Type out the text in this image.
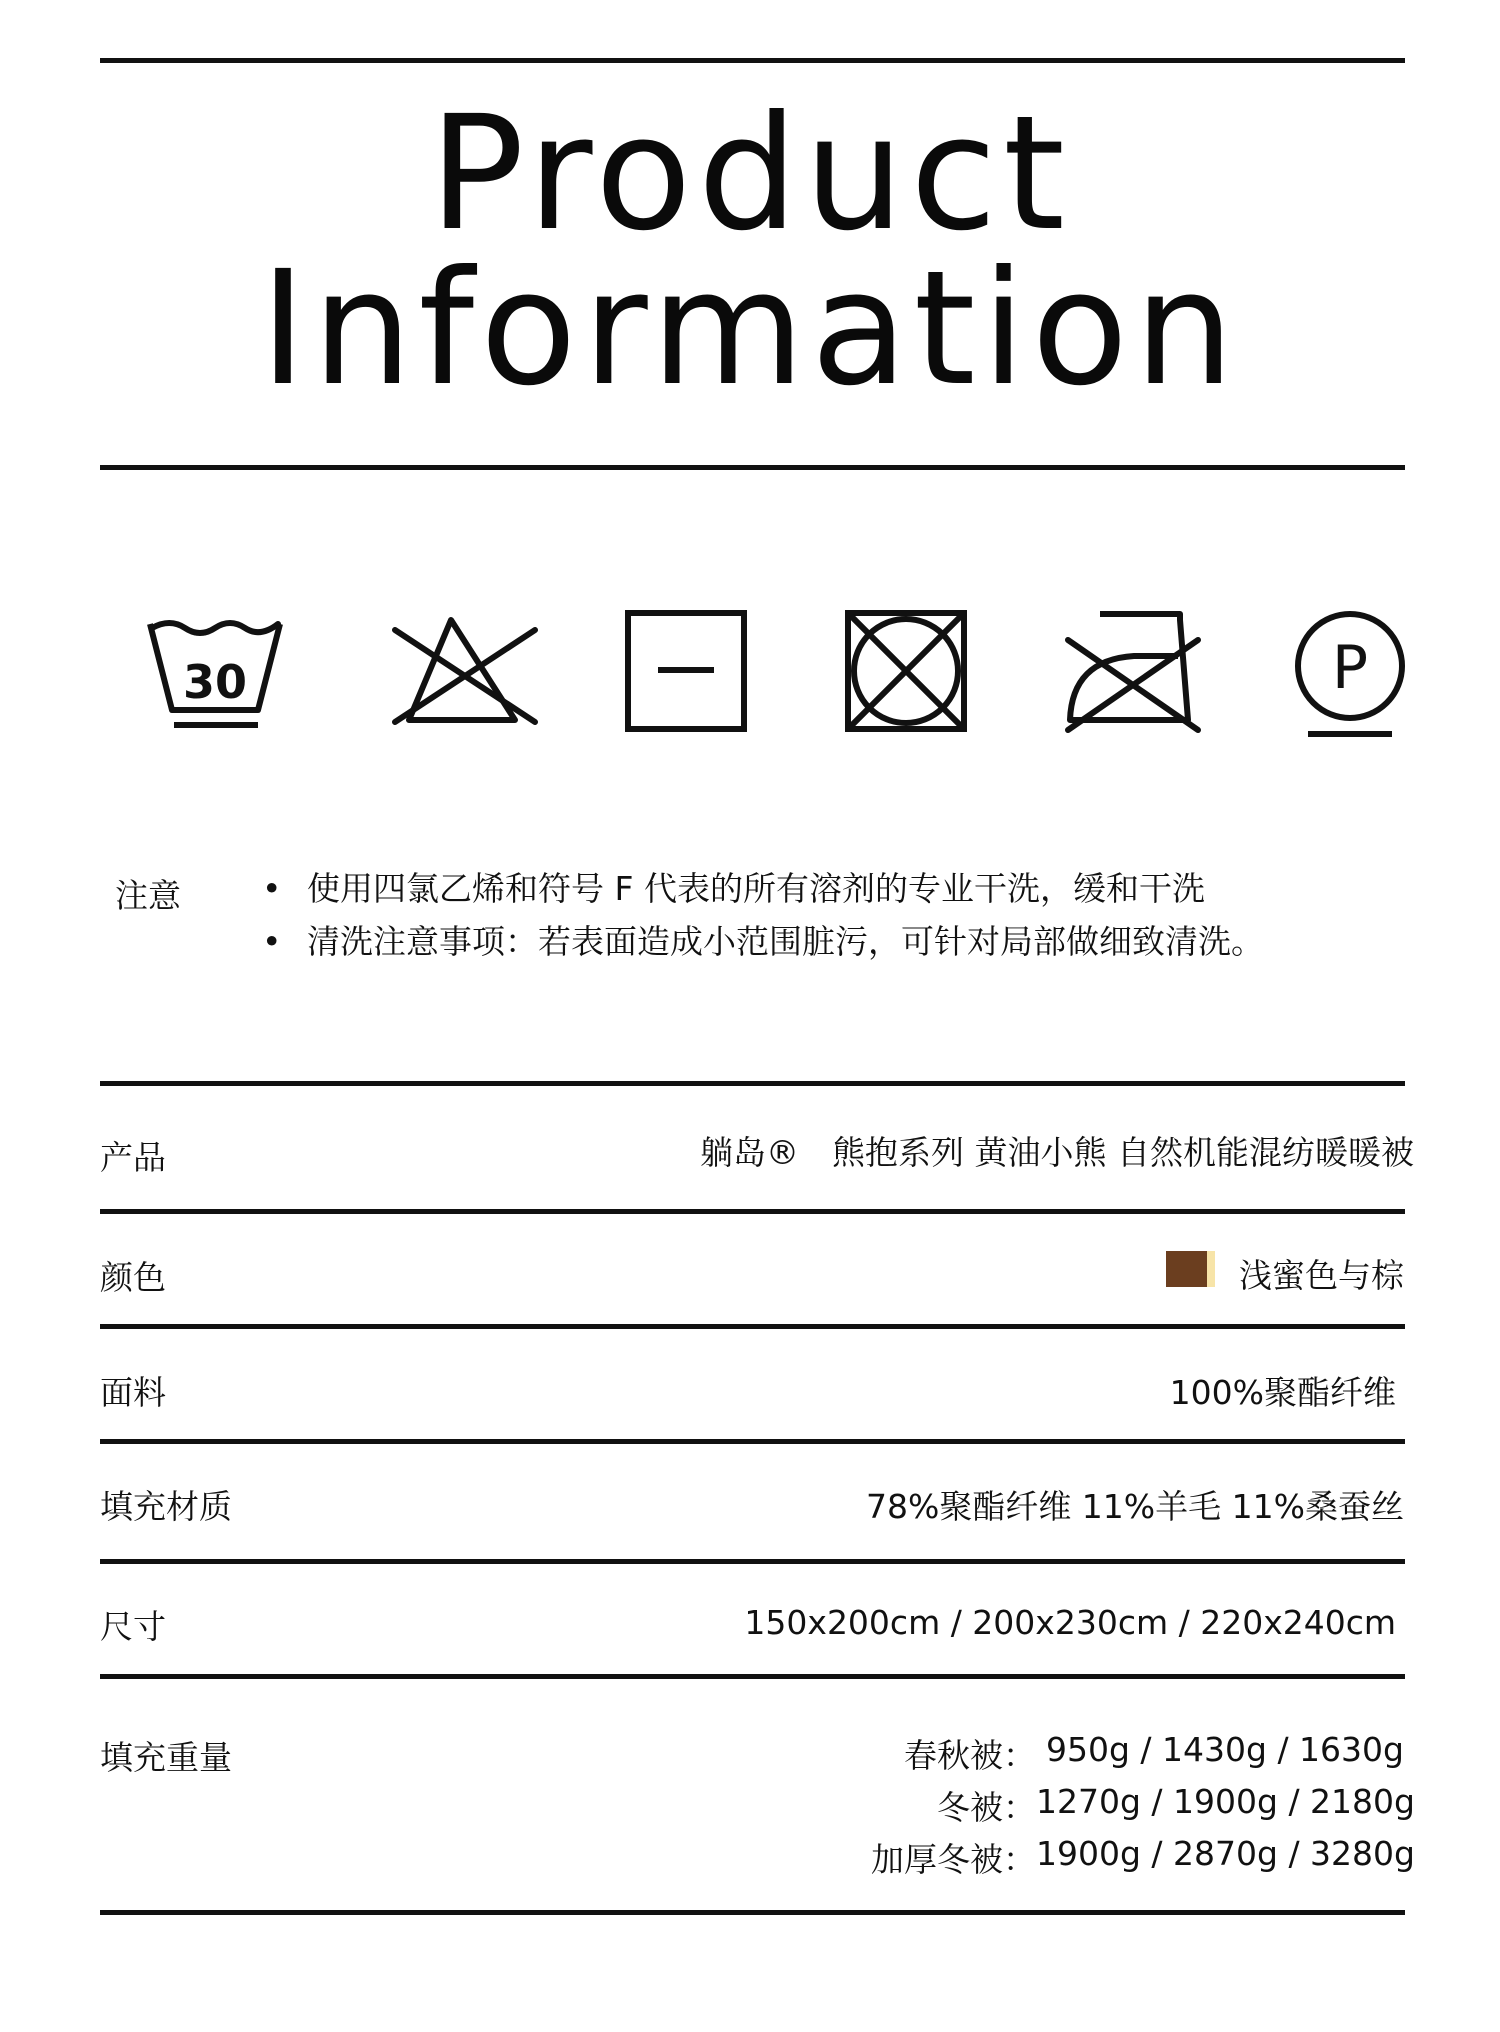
Product
Information
30	P
注意
•	使用四氯乙烯和符号 F 代表的所有溶剂的专业干洗，缓和干洗
• 清洗注意事项：若表面造成小范围脏污，可针对局部做细致清洗。
产品	躺岛®　熊抱系列 黄油小熊 自然机能混纺暖暖被
颜色	浅蜜色与棕
面料	100%聚酯纤维
填充材质	78%聚酯纤维 11%羊毛 11%桑蚕丝
尺寸	150x200cm / 200x230cm / 220x240cm
填充重量	春秋被： 950g / 1430g / 1630g
冬被： 1270g / 1900g / 2180g
加厚冬被： 1900g / 2870g / 3280g
